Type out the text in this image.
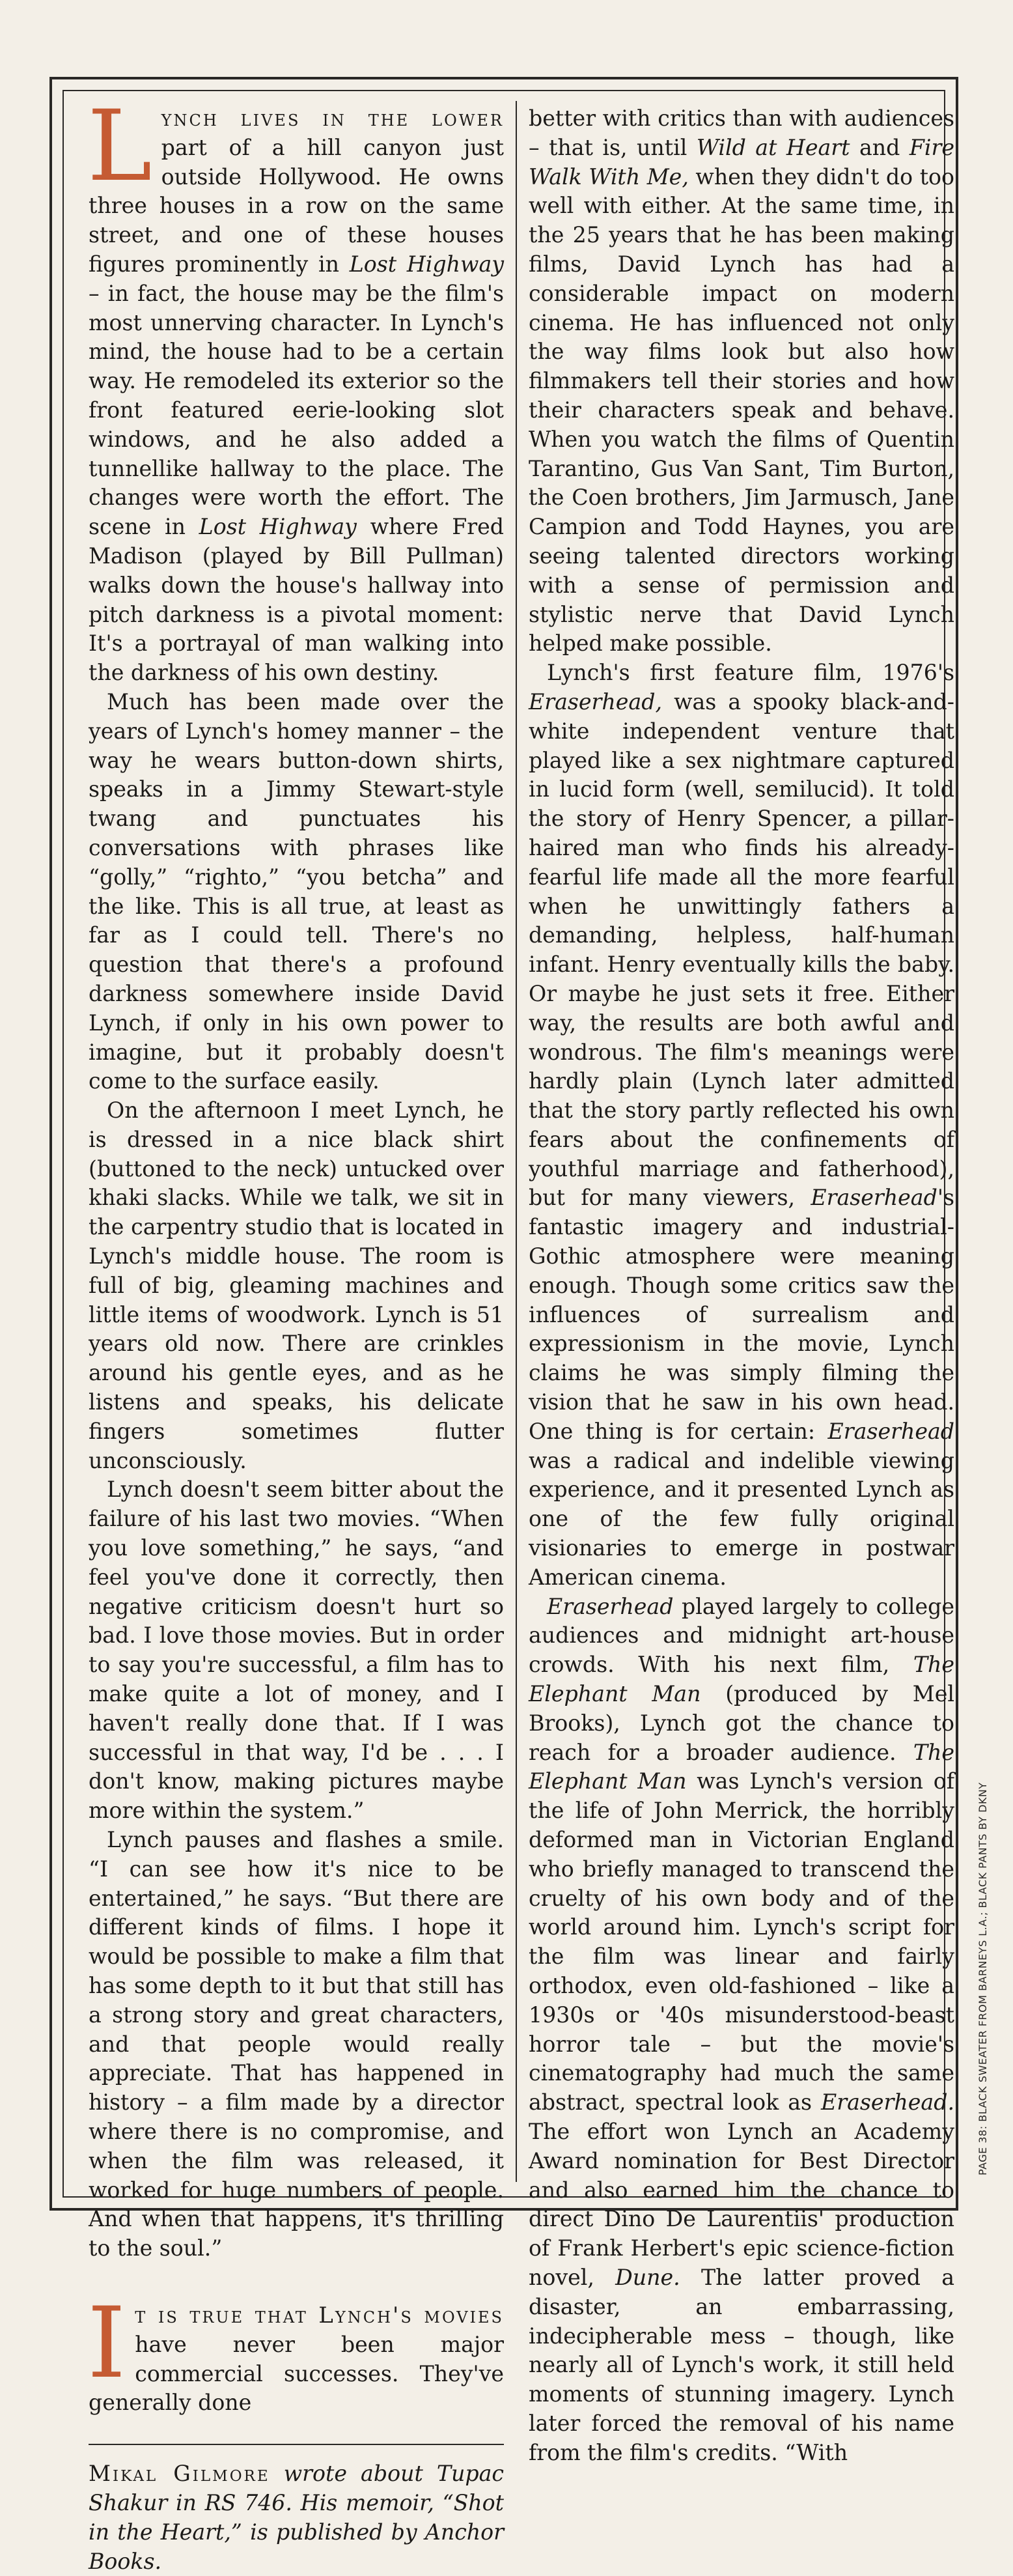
Lynch lives in the lower part of a hill canyon just outside Hollywood. He owns three houses in a row on the same street, and one of these houses figures prominently in Lost Highway – in fact, the house may be the film's most unnerving character. In Lynch's mind, the house had to be a certain way. He remodeled its exterior so the front featured eerie-looking slot windows, and he also added a tunnellike hallway to the place. The changes were worth the effort. The scene in Lost Highway where Fred Madison (played by Bill Pullman) walks down the house's hallway into pitch darkness is a pivotal moment: It's a portrayal of man walking into the darkness of his own destiny.

Much has been made over the years of Lynch's homey manner – the way he wears button-down shirts, speaks in a Jimmy Stewart-style twang and punctuates his conversations with phrases like “golly,” “righto,” “you betcha” and the like. This is all true, at least as far as I could tell. There's no question that there's a profound darkness somewhere inside David Lynch, if only in his own power to imagine, but it probably doesn't come to the surface easily.

On the afternoon I meet Lynch, he is dressed in a nice black shirt (buttoned to the neck) untucked over khaki slacks. While we talk, we sit in the carpentry studio that is located in Lynch's middle house. The room is full of big, gleaming machines and little items of woodwork. Lynch is 51 years old now. There are crinkles around his gentle eyes, and as he listens and speaks, his delicate fingers sometimes flutter unconsciously.

Lynch doesn't seem bitter about the failure of his last two movies. “When you love something,” he says, “and feel you've done it correctly, then negative criticism doesn't hurt so bad. I love those movies. But in order to say you're successful, a film has to make quite a lot of money, and I haven't really done that. If I was successful in that way, I'd be . . . I don't know, making pictures maybe more within the system.”

Lynch pauses and flashes a smile. “I can see how it's nice to be entertained,” he says. “But there are different kinds of films. I hope it would be possible to make a film that has some depth to it but that still has a strong story and great characters, and that people would really appreciate. That has happened in history – a film made by a director where there is no compromise, and when the film was released, it worked for huge numbers of people. And when that happens, it's thrilling to the soul.”

It is true that Lynch's movies have never been major commercial successes. They've generally done

Mikal Gilmore wrote about Tupac Shakur in RS 746. His memoir, “Shot in the Heart,” is published by Anchor Books.

better with critics than with audiences – that is, until Wild at Heart and Fire Walk With Me, when they didn't do too well with either. At the same time, in the 25 years that he has been making films, David Lynch has had a considerable impact on modern cinema. He has influenced not only the way films look but also how filmmakers tell their stories and how their characters speak and behave. When you watch the films of Quentin Tarantino, Gus Van Sant, Tim Burton, the Coen brothers, Jim Jarmusch, Jane Campion and Todd Haynes, you are seeing talented directors working with a sense of permission and stylistic nerve that David Lynch helped make possible.

Lynch's first feature film, 1976's Eraserhead, was a spooky black-and-white independent venture that played like a sex nightmare captured in lucid form (well, semilucid). It told the story of Henry Spencer, a pillar-haired man who finds his already-fearful life made all the more fearful when he unwittingly fathers a demanding, helpless, half-human infant. Henry eventually kills the baby. Or maybe he just sets it free. Either way, the results are both awful and wondrous. The film's meanings were hardly plain (Lynch later admitted that the story partly reflected his own fears about the confinements of youthful marriage and fatherhood), but for many viewers, Eraserhead's fantastic imagery and industrial-Gothic atmosphere were meaning enough. Though some critics saw the influences of surrealism and expressionism in the movie, Lynch claims he was simply filming the vision that he saw in his own head. One thing is for certain: Eraserhead was a radical and indelible viewing experience, and it presented Lynch as one of the few fully original visionaries to emerge in postwar American cinema.

Eraserhead played largely to college audiences and midnight art-house crowds. With his next film, The Elephant Man (produced by Mel Brooks), Lynch got the chance to reach for a broader audience. The Elephant Man was Lynch's version of the life of John Merrick, the horribly deformed man in Victorian England who briefly managed to transcend the cruelty of his own body and of the world around him. Lynch's script for the film was linear and fairly orthodox, even old-fashioned – like a 1930s or '40s misunderstood-beast horror tale – but the movie's cinematography had much the same abstract, spectral look as Eraserhead. The effort won Lynch an Academy Award nomination for Best Director and also earned him the chance to direct Dino De Laurentiis' production of Frank Herbert's epic science-fiction novel, Dune. The latter proved a disaster, an embarrassing, indecipherable mess – though, like nearly all of Lynch's work, it still held moments of stunning imagery. Lynch later forced the removal of his name from the film's credits. “With

PAGE 38: BLACK SWEATER FROM BARNEYS L.A.; BLACK PANTS BY DKNY
